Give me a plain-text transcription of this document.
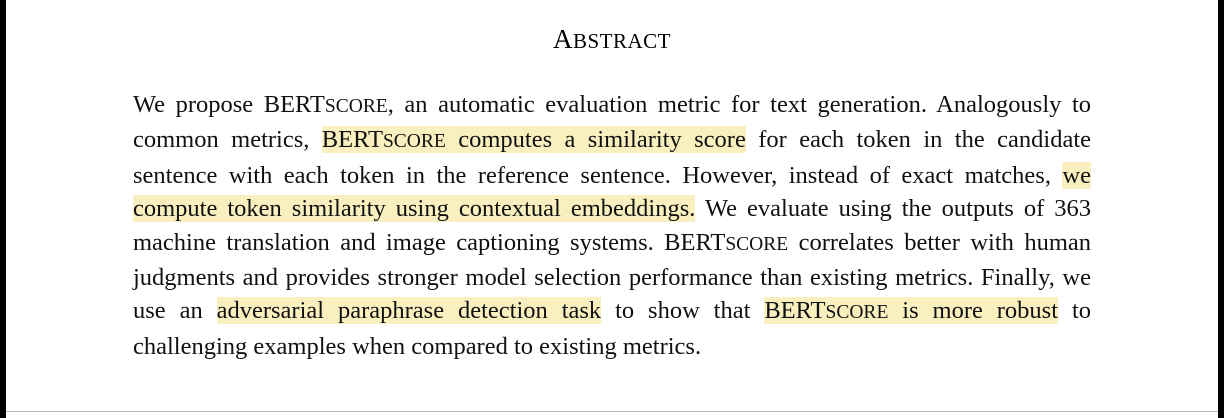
ABSTRACT
We propose BERTSCORE, an automatic evaluation metric for text generation. Analogously to common metrics, BERTSCORE computes a similarity score for each token in the candidate sentence with each token in the reference sentence. However, instead of exact matches, we compute token similarity using contextual embeddings. We evaluate using the outputs of 363 machine translation and image captioning systems. BERTSCORE correlates better with human judgments and provides stronger model selection performance than existing metrics. Finally, we use an adversarial paraphrase detection task to show that BERTSCORE is more robust to challenging examples when compared to existing metrics.
